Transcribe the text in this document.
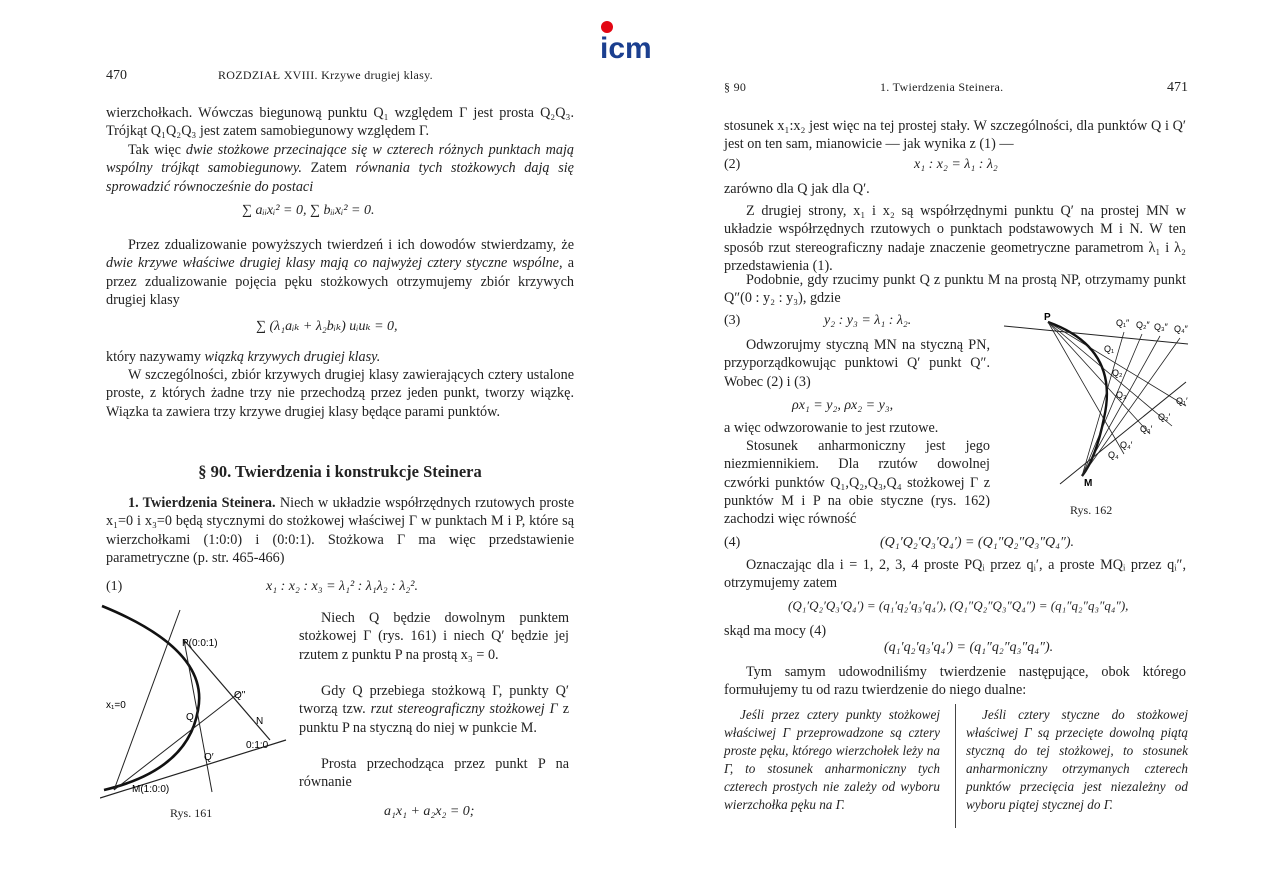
icm
470	ROZDZIAŁ XVIII. Krzywe drugiej klasy.

wierzchołkach. Wówczas biegunową punktu Q₁ względem Γ jest prosta Q₂Q₃. Trójkąt Q₁Q₂Q₃ jest zatem samobiegunowy względem Γ.

Tak więc dwie stożkowe przecinające się w czterech różnych punktach mają wspólny trójkąt samobiegunowy. Zatem równania tych stożkowych dają się sprowadzić równocześnie do postaci

∑ aᵢᵢxᵢ² = 0, ∑ bᵢᵢxᵢ² = 0.

Przez zdualizowanie powyższych twierdzeń i ich dowodów stwierdzamy, że dwie krzywe właściwe drugiej klasy mają co najwyżej cztery styczne wspólne, a przez zdualizowanie pojęcia pęku stożkowych otrzymujemy zbiór krzywych drugiej klasy

∑ (λ₁aᵢₖ + λ₂bᵢₖ) uᵢuₖ = 0,

który nazywamy wiązką krzywych drugiej klasy.

W szczególności, zbiór krzywych drugiej klasy zawierających cztery ustalone proste, z których żadne trzy nie przechodzą przez jeden punkt, tworzy wiązkę. Wiązka ta zawiera trzy krzywe drugiej klasy będące parami punktów.

§ 90. Twierdzenia i konstrukcje Steinera

1. Twierdzenia Steinera. Niech w układzie współrzędnych rzutowych proste x₁=0 i x₃=0 będą stycznymi do stożkowej właściwej Γ w punktach M i P, które są wierzchołkami (1:0:0) i (0:0:1). Stożkowa Γ ma więc przedstawienie parametryczne (p. str. 465-466)

(1)	x₁ : x₂ : x₃ = λ₁² : λ₁λ₂ : λ₂².

Niech Q będzie dowolnym punktem stożkowej Γ (rys. 161) i niech Q′ będzie jej rzutem z punktu P na prostą x₃ = 0.

Gdy Q przebiega stożkową Γ, punkty Q′ tworzą tzw. rzut stereograficzny stożkowej Γ z punktu P na styczną do niej w punkcie M.

Prosta przechodząca przez punkt P na równanie

a₁x₁ + a₂x₂ = 0;
P(0:0:1)
x₁=0
Q
Q"
N
Q′
0:1:0
M(1:0:0)
Rys. 161
§ 90	1. Twierdzenia Steinera.	471

stosunek x₁:x₂ jest więc na tej prostej stały. W szczególności, dla punktów Q i Q′ jest on ten sam, mianowicie — jak wynika z (1) —

(2)	x₁ : x₂ = λ₁ : λ₂

zarówno dla Q jak dla Q′.

Z drugiej strony, x₁ i x₂ są współrzędnymi punktu Q′ na prostej MN w układzie współrzędnych rzutowych o punktach podstawowych M i N. W ten sposób rzut stereograficzny nadaje znaczenie geometryczne parametrom λ₁ i λ₂ przedstawienia (1).

Podobnie, gdy rzucimy punkt Q z punktu M na prostą NP, otrzymamy punkt Q″(0 : y₂ : y₃), gdzie

(3)	y₂ : y₃ = λ₁ : λ₂.

Odwzorujmy styczną MN na styczną PN, przyporządkowując punktowi Q′ punkt Q″. Wobec (2) i (3)

ρx₁ = y₂, ρx₂ = y₃,

a więc odwzorowanie to jest rzutowe.

Stosunek anharmoniczny jest jego niezmiennikiem. Dla rzutów dowolnej czwórki punktów Q₁,Q₂,Q₃,Q₄ stożkowej Γ z punktów M i P na obie styczne (rys. 162) zachodzi więc równość

(4)	(Q₁′Q₂′Q₃′Q₄′) = (Q₁″Q₂″Q₃″Q₄″).

Oznaczając dla i = 1, 2, 3, 4 proste PQᵢ przez qᵢ′, a proste MQᵢ przez qᵢ″, otrzymujemy zatem

(Q₁′Q₂′Q₃′Q₄′) = (q₁′q₂′q₃′q₄′), (Q₁″Q₂″Q₃″Q₄″) = (q₁″q₂″q₃″q₄″),

skąd ma mocy (4)

(q₁′q₂′q₃′q₄′) = (q₁″q₂″q₃″q₄″).

Tym samym udowodniliśmy twierdzenie następujące, obok którego formułujemy tu od razu twierdzenie do niego dualne:

Jeśli przez cztery punkty stożkowej właściwej Γ przeprowadzone są cztery proste pęku, którego wierzchołek leży na Γ, to stosunek anharmoniczny tych czterech prostych nie zależy od wyboru wierzchołka pęku na Γ.
Jeśli cztery styczne do stożkowej właściwej Γ są przecięte dowolną piątą styczną do tej stożkowej, to stosunek anharmoniczny otrzymanych czterech punktów przecięcia jest niezależny od wyboru piątej stycznej do Γ.
P
M
Q₁″ Q₂″ Q₃″ Q₄″
Q₁
Q₂
Q₃
Q₄
Q₁′
Q₂′
Q₃′
Q₄′
Rys. 162
